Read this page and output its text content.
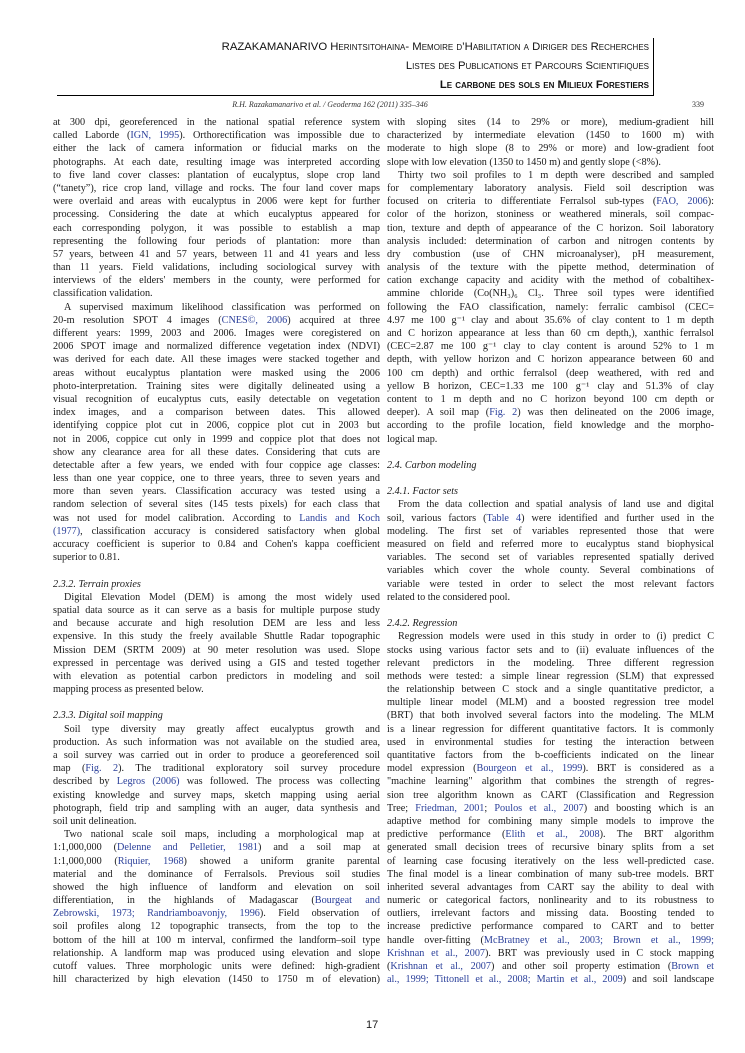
RAZAKAMANARIVO Herintsitohaina- Memoire d’Habilitation a Diriger des Recherches
Listes des Publications et Parcours Scientifiques
Le carbone des sols en Milieux Forestiers
R.H. Razakamanarivo et al. / Geoderma 162 (2011) 335–346	339
at 300 dpi, georeferenced in the national spatial reference system
called Laborde (IGN, 1995). Orthorectification was impossible due to
either the lack of camera information or fiducial marks on the
photographs. At each date, resulting image was interpreted according
to five land cover classes: plantation of eucalyptus, slope crop land
(“tanety”), rice crop land, village and rocks. The four land cover maps
were overlaid and areas with eucalyptus in 2006 were kept for further
processing. Considering the date at which eucalyptus appeared for
each corresponding polygon, it was possible to establish a map
representing the following four periods of plantation: more than
57 years, between 41 and 57 years, between 11 and 41 years and less
than 11 years. Field validations, including sociological survey with
interviews of the elders' members in the county, were performed for
classification validation.
A supervised maximum likelihood classification was performed on
20-m resolution SPOT 4 images (CNES©, 2006) acquired at three
different years: 1999, 2003 and 2006. Images were coregistered on
2006 SPOT image and normalized difference vegetation index (NDVI)
was derived for each date. All these images were stacked together and
areas without eucalyptus plantation were masked using the 2006
photo-interpretation. Training sites were digitally delineated using a
visual recognition of eucalyptus cuts, easily detectable on vegetation
index images, and a comparison between dates. This allowed
identifying coppice plot cut in 2006, coppice plot cut in 2003 but
not in 2006, coppice cut only in 1999 and coppice plot that does not
show any clearance area for all these dates. Considering that cuts are
detectable after a few years, we ended with four coppice age classes:
less than one year coppice, one to three years, three to seven years and
more than seven years. Classification accuracy was tested using a
random selection of several sites (145 tests pixels) for each class that
was not used for model calibration. According to Landis and Koch
(1977), classification accuracy is considered satisfactory when global
accuracy coefficient is superior to 0.84 and Cohen's kappa coefficient
superior to 0.81.
2.3.2. Terrain proxies
Digital Elevation Model (DEM) is among the most widely used
spatial data source as it can serve as a basis for multiple purpose study
and because accurate and high resolution DEM are less and less
expensive. In this study the freely available Shuttle Radar topographic
Mission DEM (SRTM 2009) at 90 meter resolution was used. Slope
expressed in percentage was derived using a GIS and tested together
with elevation as potential carbon predictors in modeling and soil
mapping process as presented below.
2.3.3. Digital soil mapping
Soil type diversity may greatly affect eucalyptus growth and
production. As such information was not available on the studied area,
a soil survey was carried out in order to produce a georeferenced soil
map (Fig. 2). The traditional exploratory soil survey procedure
described by Legros (2006) was followed. The process was collecting
existing knowledge and survey maps, sketch mapping using aerial
photograph, field trip and sampling with an auger, data synthesis and
soil unit delineation.
Two national scale soil maps, including a morphological map at
1:1,000,000 (Delenne and Pelletier, 1981) and a soil map at
1:1,000,000 (Riquier, 1968) showed a uniform granite parental
material and the dominance of Ferralsols. Previous soil studies
showed the high influence of landform and elevation on soil
differentiation, in the highlands of Madagascar (Bourgeat and
Zebrowski, 1973; Randriamboavonjy, 1996). Field observation of
soil profiles along 12 topographic transects, from the top to the
bottom of the hill at 100 m interval, confirmed the landform–soil type
relationship. A landform map was produced using elevation and slope
cutoff values. Three morphologic units were defined: high-gradient
hill characterized by high elevation (1450 to 1750 m of elevation)
with sloping sites (14 to 29% or more), medium-gradient hill
characterized by intermediate elevation (1450 to 1600 m) with
moderate to high slope (8 to 29% or more) and low-gradient foot
slope with low elevation (1350 to 1450 m) and gently slope (<8%).
Thirty two soil profiles to 1 m depth were described and sampled
for complementary laboratory analysis. Field soil description was
focused on criteria to differentiate Ferralsol sub-types (FAO, 2006):
color of the horizon, stoniness or weathered minerals, soil compac-
tion, texture and depth of appearance of the C horizon. Soil laboratory
analysis included: determination of carbon and nitrogen contents by
dry combustion (use of CHN microanalyser), pH measurement,
analysis of the texture with the pipette method, determination of
cation exchange capacity and acidity with the method of cobaltihex-
ammine chloride (Co(NH₃)₆ Cl₃. Three soil types were identified
following the FAO classification, namely: ferralic cambisol (CEC=
4.97 me 100 g⁻¹ clay and about 35.6% of clay content to 1 m depth
and C horizon appearance at less than 60 cm depth,), xanthic ferralsol
(CEC=2.87 me 100 g⁻¹ clay to clay content is around 52% to 1 m
depth, with yellow horizon and C horizon appearance between 60 and
100 cm depth) and orthic ferralsol (deep weathered, with red and
yellow B horizon, CEC=1.33 me 100 g⁻¹ clay and 51.3% of clay
content to 1 m depth and no C horizon beyond 100 cm depth or
deeper). A soil map (Fig. 2) was then delineated on the 2006 image,
according to the profile location, field knowledge and the morpho-
logical map.
2.4. Carbon modeling
2.4.1. Factor sets
From the data collection and spatial analysis of land use and digital
soil, various factors (Table 4) were identified and further used in the
modeling. The first set of variables represented those that were
measured on field and referred more to eucalyptus stand biophysical
variables. The second set of variables represented spatially derived
variables which cover the whole county. Several combinations of
variable were tested in order to select the most relevant factors
related to the considered pool.
2.4.2. Regression
Regression models were used in this study in order to (i) predict C
stocks using various factor sets and to (ii) evaluate influences of the
relevant predictors in the modeling. Three different regression
methods were tested: a simple linear regression (SLM) that expressed
the relationship between C stock and a single quantitative predictor, a
multiple linear model (MLM) and a boosted regression tree model
(BRT) that both involved several factors into the modeling. The MLM
is a linear regression for different quantitative factors. It is commonly
used in environmental studies for testing the interaction between
quantitative factors from the b-coefficients indicated on the linear
model expression (Bourgeon et al., 1999). BRT is considered as a
"machine learning" algorithm that combines the strength of regres-
sion tree algorithm known as CART (Classification and Regression
Tree; Friedman, 2001; Poulos et al., 2007) and boosting which is an
adaptive method for combining many simple models to improve the
predictive performance (Elith et al., 2008). The BRT algorithm
generated small decision trees of recursive binary splits from a set
of learning case focusing iteratively on the less well-predicted case.
The final model is a linear combination of many sub-tree models. BRT
inherited several advantages from CART say the ability to deal with
numeric or categorical factors, nonlinearity and to its robustness to
outliers, irrelevant factors and missing data. Boosting tended to
increase predictive performance compared to CART and to better
handle over-fitting (McBratney et al., 2003; Brown et al., 1999;
Krishnan et al., 2007). BRT was previously used in C stock mapping
(Krishnan et al., 2007) and other soil property estimation (Brown et
al., 1999; Tittonell et al., 2008; Martin et al., 2009) and soil landscape
17
